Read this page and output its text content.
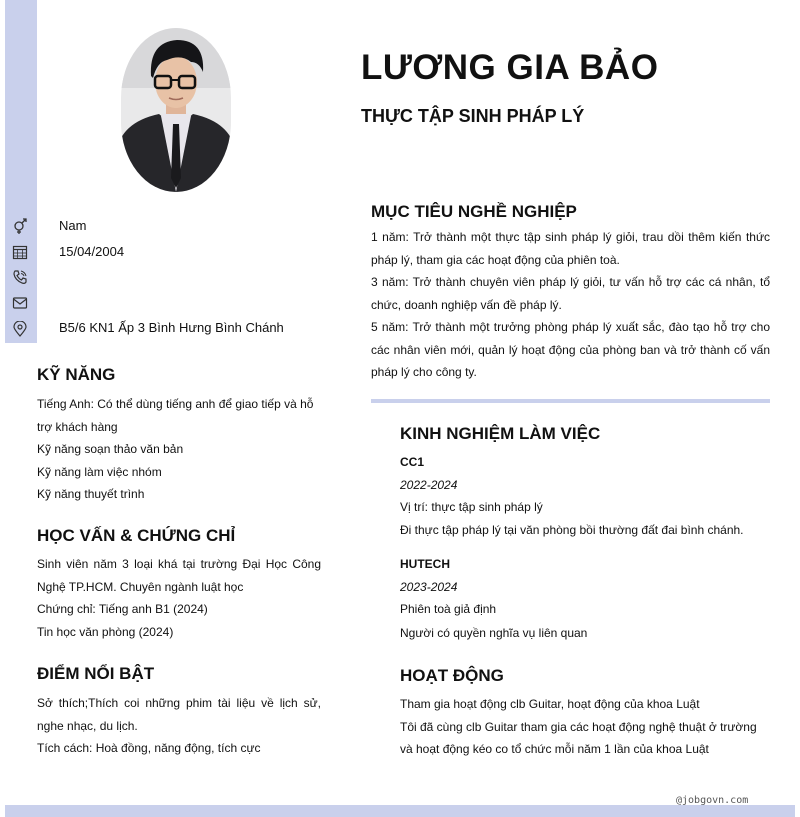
LƯƠNG GIA BẢO
THỰC TẬP SINH PHÁP LÝ
Nam
15/04/2004
B5/6 KN1 Ấp 3 Bình Hưng Bình Chánh
KỸ NĂNG
Tiếng Anh: Có thể dùng tiếng anh để giao tiếp và hỗ trợ khách hàng
Kỹ năng soạn thảo văn bản
Kỹ năng làm việc nhóm
Kỹ năng thuyết trình
HỌC VẤN & CHỨNG CHỈ
Sinh viên năm 3 loại khá tại trường Đại Học Công Nghệ TP.HCM. Chuyên ngành luật học
Chứng chỉ: Tiếng anh B1 (2024)
Tin học văn phòng (2024)
ĐIỂM NỔI BẬT
Sở thích;Thích coi những phim tài liệu về lịch sử, nghe nhạc, du lịch.
Tích cách: Hoà đồng, năng động, tích cực
MỤC TIÊU NGHỀ NGHIỆP
1 năm: Trở thành một thực tập sinh pháp lý giỏi, trau dồi thêm kiến thức pháp lý, tham gia các hoạt động của phiên toà.
3 năm: Trở thành chuyên viên pháp lý giỏi, tư vấn hỗ trợ các cá nhân, tổ chức, doanh nghiệp vấn đề pháp lý.
5 năm: Trở thành một trưởng phòng pháp lý xuất sắc, đào tạo hỗ trợ cho các nhân viên mới, quản lý hoạt động của phòng ban và trở thành cố vấn pháp lý cho công ty.
KINH NGHIỆM LÀM VIỆC
CC1
2022-2024
Vị trí: thực tập sinh pháp lý
Đi thực tập pháp lý tại văn phòng bồi thường đất đai bình chánh.
HUTECH
2023-2024
Phiên toà giả định
Người có quyền nghĩa vụ liên quan
HOẠT ĐỘNG
Tham gia hoạt động clb Guitar, hoạt động của khoa Luật
Tôi đã cùng clb Guitar tham gia các hoạt động nghệ thuật ở trường và hoạt động kéo co tổ chức mỗi năm 1 lần của khoa Luật
@jobgovn.com
